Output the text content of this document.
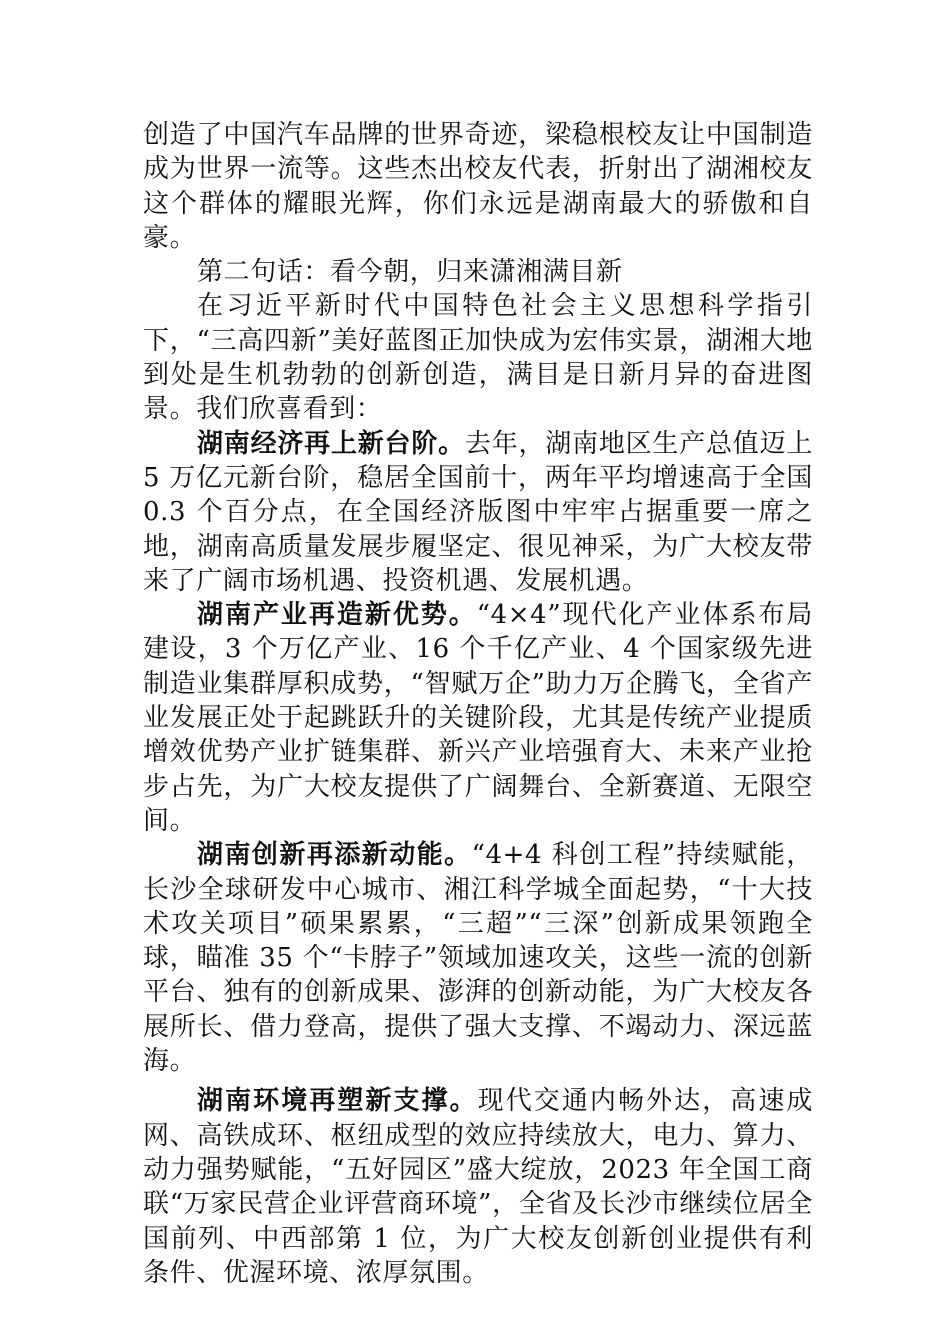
创造了中国汽车品牌的世界奇迹，梁稳根校友让中国制造成为世界一流等。这些杰出校友代表，折射出了湖湘校友这个群体的耀眼光辉，你们永远是湖南最大的骄傲和自豪。

第二句话：看今朝，归来潇湘满目新

在习近平新时代中国特色社会主义思想科学指引下，“三高四新”美好蓝图正加快成为宏伟实景，湖湘大地到处是生机勃勃的创新创造，满目是日新月异的奋进图景。我们欣喜看到：

湖南经济再上新台阶。去年，湖南地区生产总值迈上 5 万亿元新台阶，稳居全国前十，两年平均增速高于全国 0.3 个百分点，在全国经济版图中牢牢占据重要一席之地，湖南高质量发展步履坚定、很见神采，为广大校友带来了广阔市场机遇、投资机遇、发展机遇。

湖南产业再造新优势。“4×4”现代化产业体系布局建设，3 个万亿产业、16 个千亿产业、4 个国家级先进制造业集群厚积成势，“智赋万企”助力万企腾飞，全省产业发展正处于起跳跃升的关键阶段，尤其是传统产业提质增效优势产业扩链集群、新兴产业培强育大、未来产业抢步占先，为广大校友提供了广阔舞台、全新赛道、无限空间。

湖南创新再添新动能。“4+4 科创工程”持续赋能，长沙全球研发中心城市、湘江科学城全面起势，“十大技术攻关项目”硕果累累，“三超”“三深”创新成果领跑全球，瞄准 35 个“卡脖子”领域加速攻关，这些一流的创新平台、独有的创新成果、澎湃的创新动能，为广大校友各展所长、借力登高，提供了强大支撑、不竭动力、深远蓝海。

湖南环境再塑新支撑。现代交通内畅外达，高速成网、高铁成环、枢纽成型的效应持续放大，电力、算力、动力强势赋能，“五好园区”盛大绽放，2023 年全国工商联“万家民营企业评营商环境”，全省及长沙市继续位居全国前列、中西部第 1 位，为广大校友创新创业提供有利条件、优渥环境、浓厚氛围。
